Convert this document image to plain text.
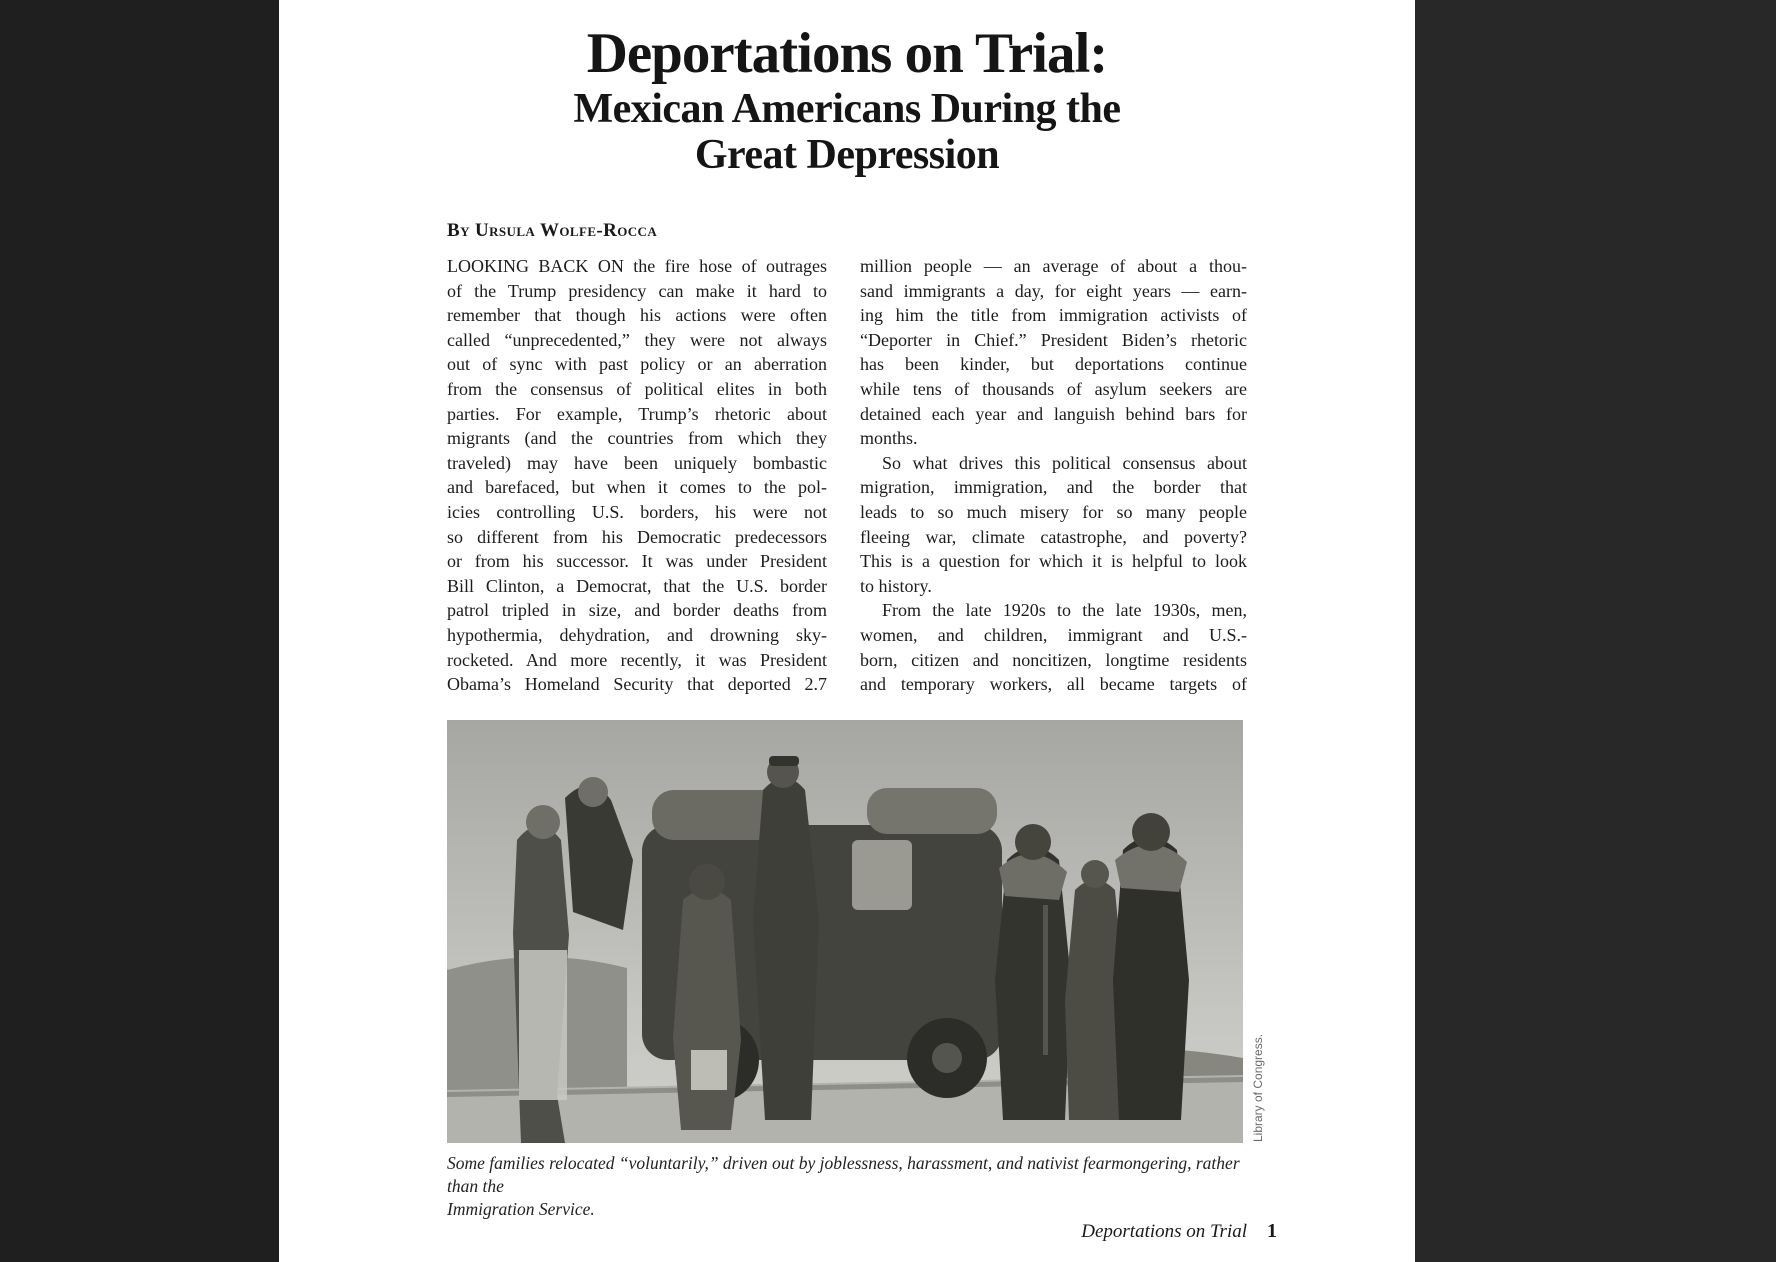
Deportations on Trial:
Mexican Americans During the
Great Depression
By Ursula Wolfe-Rocca
LOOKING BACK ON the fire hose of outrages
of the Trump presidency can make it hard to
remember that though his actions were often
called “unprecedented,” they were not always
out of sync with past policy or an aberration
from the consensus of political elites in both
parties. For example, Trump’s rhetoric about
migrants (and the countries from which they
traveled) may have been uniquely bombastic
and barefaced, but when it comes to the pol-
icies controlling U.S. borders, his were not
so different from his Democratic predecessors
or from his successor. It was under President
Bill Clinton, a Democrat, that the U.S. border
patrol tripled in size, and border deaths from
hypothermia, dehydration, and drowning sky-
rocketed. And more recently, it was President
Obama’s Homeland Security that deported 2.7
million people — an average of about a thou-
sand immigrants a day, for eight years — earn-
ing him the title from immigration activists of
“Deporter in Chief.” President Biden’s rhetoric
has been kinder, but deportations continue
while tens of thousands of asylum seekers are
detained each year and languish behind bars for
months.
So what drives this political consensus about
migration, immigration, and the border that
leads to so much misery for so many people
fleeing war, climate catastrophe, and poverty?
This is a question for which it is helpful to look
to history.
From the late 1920s to the late 1930s, men,
women, and children, immigrant and U.S.-
born, citizen and noncitizen, longtime residents
and temporary workers, all became targets of
Library of Congress.
Some families relocated “voluntarily,” driven out by joblessness, harassment, and nativist fearmongering, rather than the
Immigration Service.
Deportations on Trial 1
